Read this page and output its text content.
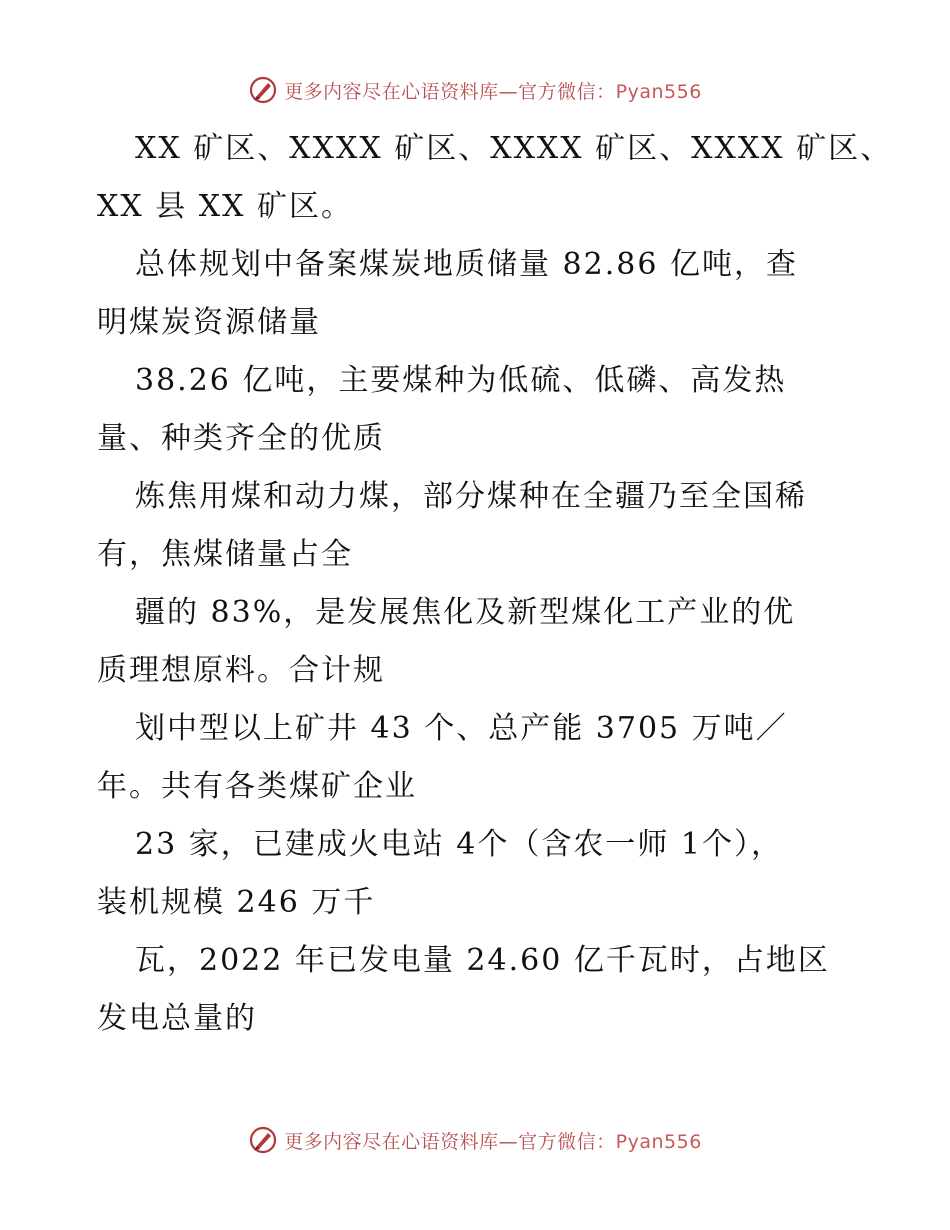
更多内容尽在心语资料库—官方微信：Pyan556

XX 矿区、XXXX 矿区、XXXX 矿区、XXXX 矿区、
XX 县 XX 矿区。

总体规划中备案煤炭地质储量 82.86 亿吨，查
明煤炭资源储量

38.26 亿吨，主要煤种为低硫、低磷、高发热
量、种类齐全的优质

炼焦用煤和动力煤，部分煤种在全疆乃至全国稀
有，焦煤储量占全

疆的 83%，是发展焦化及新型煤化工产业的优
质理想原料。合计规

划中型以上矿井 43 个、总产能 3705 万吨／
年。共有各类煤矿企业

23 家，已建成火电站 4个（含农一师 1个），
装机规模 246 万千

瓦，2022 年已发电量 24.60 亿千瓦时，占地区
发电总量的

更多内容尽在心语资料库—官方微信：Pyan556
